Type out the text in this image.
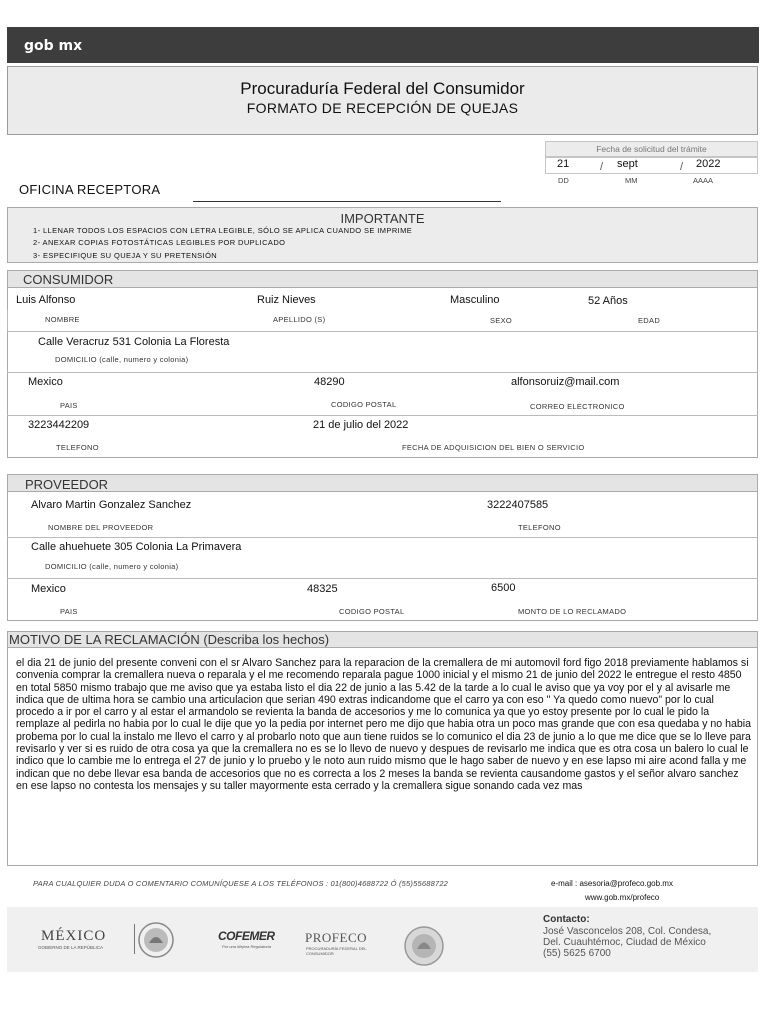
gob mx
Procuraduría Federal del Consumidor
FORMATO DE RECEPCIÓN DE QUEJAS
Fecha de solicitud del trámite
21	/ sept	/ 2022
DD	MM	AAAA
OFICINA RECEPTORA
IMPORTANTE
1- LLENAR TODOS LOS ESPACIOS CON LETRA LEGIBLE, SÓLO SE APLICA CUANDO SE IMPRIME
2- ANEXAR COPIAS FOTOSTÁTICAS LEGIBLES POR DUPLICADO
3- ESPECIFIQUE SU QUEJA Y SU PRETENSIÓN
CONSUMIDOR
Luis Alfonso	Ruiz Nieves	Masculino	52 Años
NOMBRE	APELLIDO (S)	SEXO	EDAD
Calle Veracruz 531 Colonia La Floresta
DOMICILIO (calle, numero y colonia)
Mexico	48290	alfonsoruiz@mail.com
PAIS	CODIGO POSTAL	CORREO ELECTRONICO
3223442209	21 de julio del 2022
TELEFONO	FECHA DE ADQUISICION DEL BIEN O SERVICIO
PROVEEDOR
Alvaro Martin Gonzalez Sanchez	3222407585
NOMBRE DEL PROVEEDOR	TELEFONO
Calle ahuehuete 305 Colonia La Primavera
DOMICILIO (calle, numero y colonia)
Mexico	48325	6500
PAIS	CODIGO POSTAL	MONTO DE LO RECLAMADO
MOTIVO DE LA RECLAMACIÓN (Describa los hechos)
el dia 21 de junio del presente conveni con el sr Alvaro Sanchez para la reparacion de la cremallera de mi automovil ford figo 2018 previamente hablamos si convenia comprar la cremallera nueva o reparala y el me recomendo reparala pague 1000 inicial y el mismo 21 de junio del 2022 le entregue el resto 4850 en total 5850 mismo trabajo que me aviso que ya estaba listo el dia 22 de junio a las 5.42 de la tarde a lo cual le aviso que ya voy por el y al avisarle me indica que de ultima hora se cambio una articulacion que serian 490 extras indicandome que el carro ya con eso " Ya quedo como nuevo" por lo cual procedo a ir por el carro y al estar el armandolo se revienta la banda de accesorios y me lo comunica ya que yo estoy presente por lo cual le pido la remplaze al pedirla no habia por lo cual le dije que yo la pedia por internet pero me dijo que habia otra un poco mas grande que con esa quedaba y no habia probema por lo cual la instalo me llevo el carro y al probarlo noto que aun tiene ruidos se lo comunico el dia 23 de junio a lo que me dice que se lo lleve para revisarlo y ver si es ruido de otra cosa ya que la cremallera no es se lo llevo de nuevo y despues de revisarlo me indica que es otra cosa un balero lo cual le indico que lo cambie me lo entrega el 27 de junio y lo pruebo y le noto aun ruido mismo que le hago saber de nuevo y en ese lapso mi aire acond falla y me indican que no debe llevar esa banda de accesorios que no es correcta a los 2 meses la banda se revienta causandome gastos y el señor alvaro sanchez en ese lapso no contesta los mensajes y su taller mayormente esta cerrado y la cremallera sigue sonando cada vez mas
PARA CUALQUIER DUDA O COMENTARIO COMUNÍQUESE A LOS TELÉFONOS : 01(800)4688722 Ó (55)55688722	e-mail : asesoria@profeco.gob.mx
www.gob.mx/profeco
MÉXICO
GOBIERNO DE LA REPÚBLICA
COFEMER
Por una Mejora Regulatoria
PROFECO
PROCURADURÍA FEDERAL DEL CONSUMIDOR
Contacto:
José Vasconcelos 208, Col. Condesa,
Del. Cuauhtémoc, Ciudad de México
(55) 5625 6700
